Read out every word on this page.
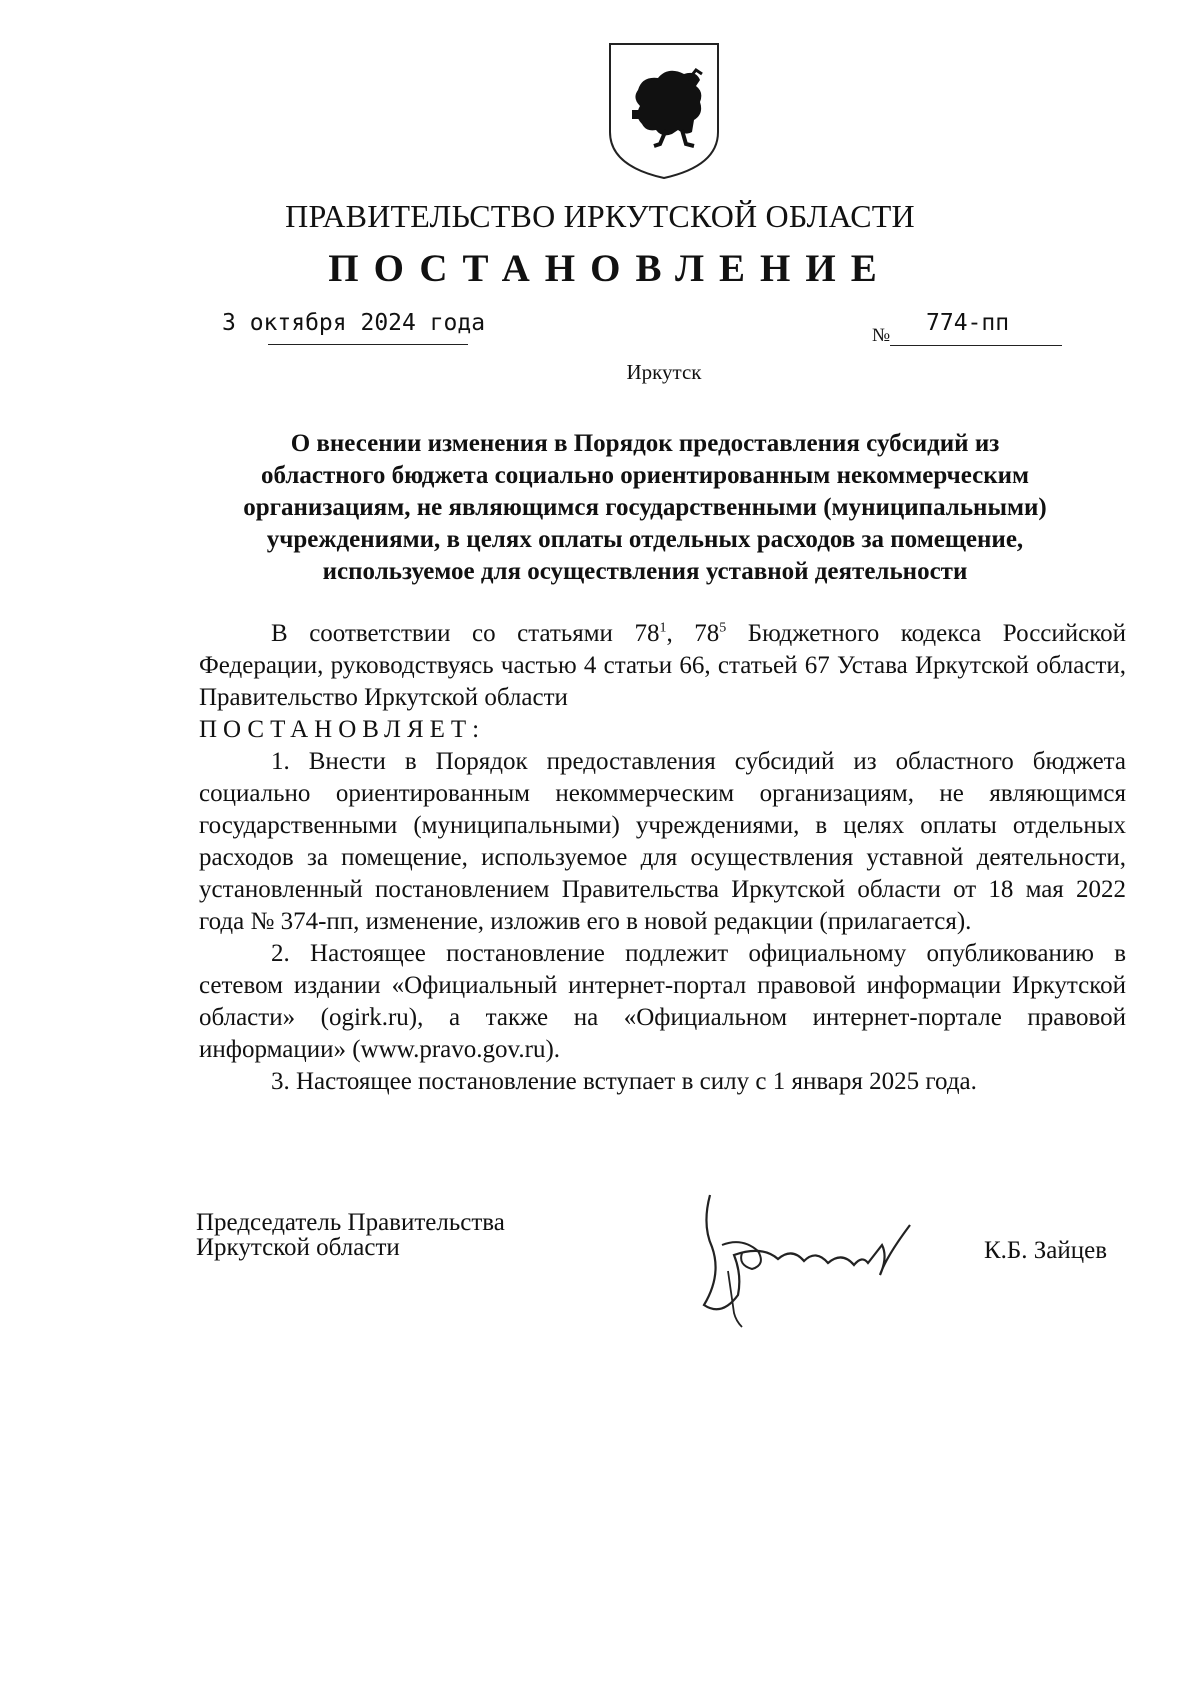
ПРАВИТЕЛЬСТВО ИРКУТСКОЙ ОБЛАСТИ
ПОСТАНОВЛЕНИЕ
3 октября 2024 года	№ 774-пп
Иркутск
О внесении изменения в Порядок предоставления субсидий из
областного бюджета социально ориентированным некоммерческим
организациям, не являющимся государственными (муниципальными)
учреждениями, в целях оплаты отдельных расходов за помещение,
используемое для осуществления уставной деятельности

В соответствии со статьями $78^1$, $78^5$ Бюджетного кодекса Российской Федерации, руководствуясь частью 4 статьи 66, статьей 67 Устава Иркутской области, Правительство Иркутской области

ПОСТАНОВЛЯЕТ:

1. Внести в Порядок предоставления субсидий из областного бюджета социально ориентированным некоммерческим организациям, не являющимся государственными (муниципальными) учреждениями, в целях оплаты отдельных расходов за помещение, используемое для осуществления уставной деятельности, установленный постановлением Правительства Иркутской области от 18 мая 2022 года № 374-пп, изменение, изложив его в новой редакции (прилагается).

2. Настоящее постановление подлежит официальному опубликованию в сетевом издании «Официальный интернет-портал правовой информации Иркутской области» (ogirk.ru), а также на «Официальном интернет-портале правовой информации» (www.pravo.gov.ru).

3. Настоящее постановление вступает в силу с 1 января 2025 года.

Председатель Правительства
Иркутской области	К.Б. Зайцев
